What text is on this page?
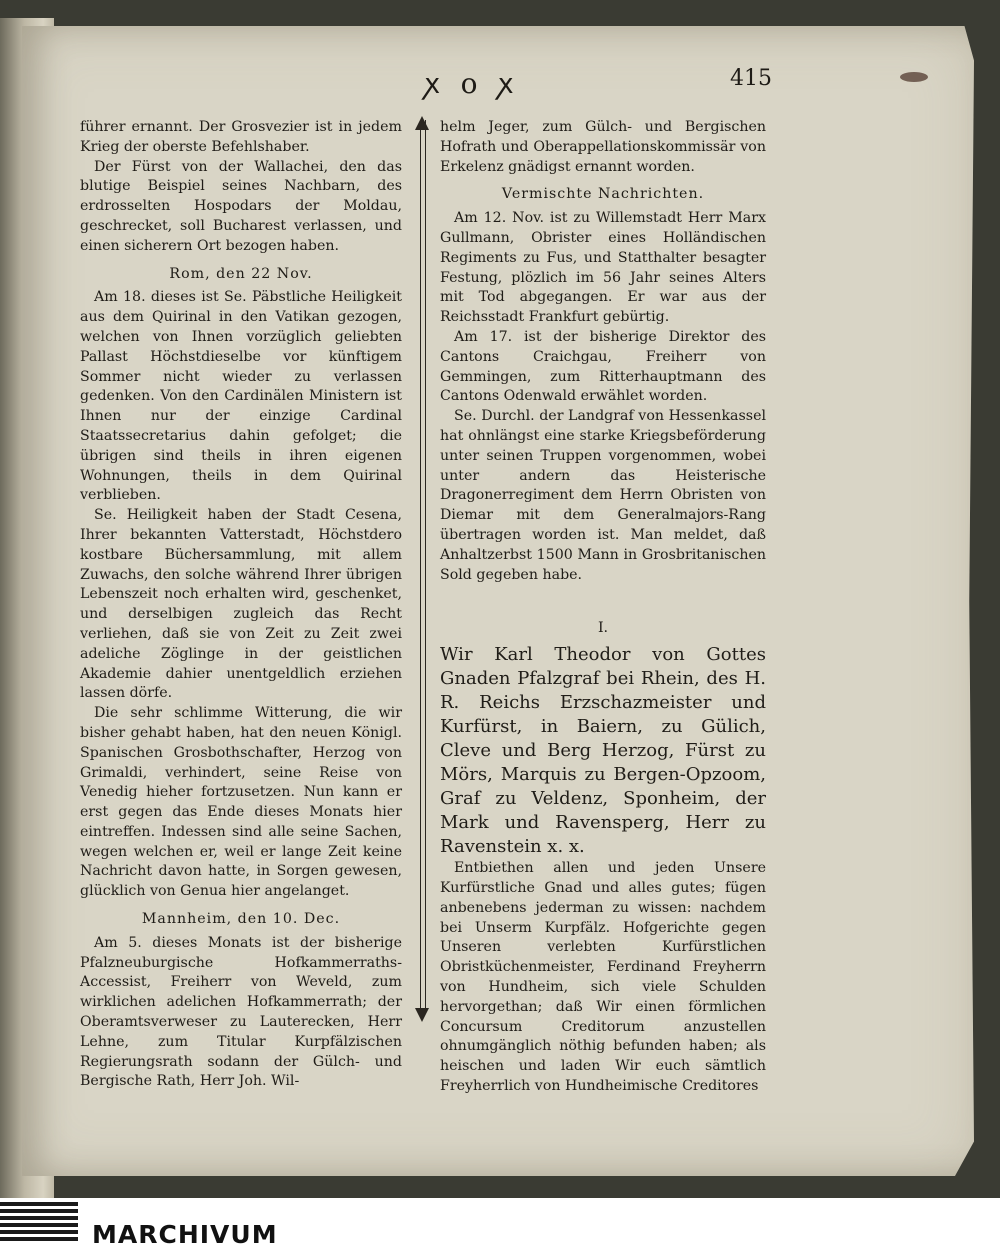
ꭗ o ꭗ	415

führer ernannt. Der Grosvezier ist in jedem Krieg der oberste Befehlshaber.

Der Fürst von der Wallachei, den das blutige Beispiel seines Nachbarn, des erdrosselten Hospodars der Moldau, geschrecket, soll Bucharest verlassen, und einen sicherern Ort bezogen haben.

Rom, den 22 Nov.

Am 18. dieses ist Se. Päbstliche Heiligkeit aus dem Quirinal in den Vatikan gezogen, welchen von Ihnen vorzüglich geliebten Pallast Höchstdieselbe vor künftigem Sommer nicht wieder zu verlassen gedenken. Von den Cardinälen Ministern ist Ihnen nur der einzige Cardinal Staatssecretarius dahin gefolget; die übrigen sind theils in ihren eigenen Wohnungen, theils in dem Quirinal verblieben.

Se. Heiligkeit haben der Stadt Cesena, Ihrer bekannten Vatterstadt, Höchstdero kostbare Büchersammlung, mit allem Zuwachs, den solche während Ihrer übrigen Lebenszeit noch erhalten wird, geschenket, und derselbigen zugleich das Recht verliehen, daß sie von Zeit zu Zeit zwei adeliche Zöglinge in der geistlichen Akademie dahier unentgeldlich erziehen lassen dörfe.

Die sehr schlimme Witterung, die wir bisher gehabt haben, hat den neuen Königl. Spanischen Grosbothschafter, Herzog von Grimaldi, verhindert, seine Reise von Venedig hieher fortzusetzen. Nun kann er erst gegen das Ende dieses Monats hier eintreffen. Indessen sind alle seine Sachen, wegen welchen er, weil er lange Zeit keine Nachricht davon hatte, in Sorgen gewesen, glücklich von Genua hier angelanget.

Mannheim, den 10. Dec.

Am 5. dieses Monats ist der bisherige Pfalzneuburgische Hofkammerraths-Accessist, Freiherr von Weveld, zum wirklichen adelichen Hofkammerrath; der Oberamtsverweser zu Lauterecken, Herr Lehne, zum Titular Kurpfälzischen Regierungsrath sodann der Gülch- und Bergische Rath, Herr Joh. Wil-

helm Jeger, zum Gülch- und Bergischen Hofrath und Oberappellationskommissär von Erkelenz gnädigst ernannt worden.

Vermischte Nachrichten.

Am 12. Nov. ist zu Willemstadt Herr Marx Gullmann, Obrister eines Holländischen Regiments zu Fus, und Statthalter besagter Festung, plözlich im 56 Jahr seines Alters mit Tod abgegangen. Er war aus der Reichsstadt Frankfurt gebürtig.

Am 17. ist der bisherige Direktor des Cantons Craichgau, Freiherr von Gemmingen, zum Ritterhauptmann des Cantons Odenwald erwählet worden.

Se. Durchl. der Landgraf von Hessenkassel hat ohnlängst eine starke Kriegsbeförderung unter seinen Truppen vorgenommen, wobei unter andern das Heisterische Dragonerregiment dem Herrn Obristen von Diemar mit dem Generalmajors-Rang übertragen worden ist. Man meldet, daß Anhaltzerbst 1500 Mann in Grosbritanischen Sold gegeben habe.

I.

Wir Karl Theodor von Gottes Gnaden Pfalzgraf bei Rhein, des H. R. Reichs Erzschazmeister und Kurfürst, in Baiern, zu Gülich, Cleve und Berg Herzog, Fürst zu Mörs, Marquis zu Bergen-Opzoom, Graf zu Veldenz, Sponheim, der Mark und Ravensperg, Herr zu Ravenstein x. x.

Entbiethen allen und jeden Unsere Kurfürstliche Gnad und alles gutes; fügen anbenebens jederman zu wissen: nachdem bei Unserm Kurpfälz. Hofgerichte gegen Unseren verlebten Kurfürstlichen Obristküchenmeister, Ferdinand Freyherrn von Hundheim, sich viele Schulden hervorgethan; daß Wir einen förmlichen Concursum Creditorum anzustellen ohnumgänglich nöthig befunden haben; als heischen und laden Wir euch sämtlich Freyherrlich von Hundheimische Creditores

MARCHIVUM
